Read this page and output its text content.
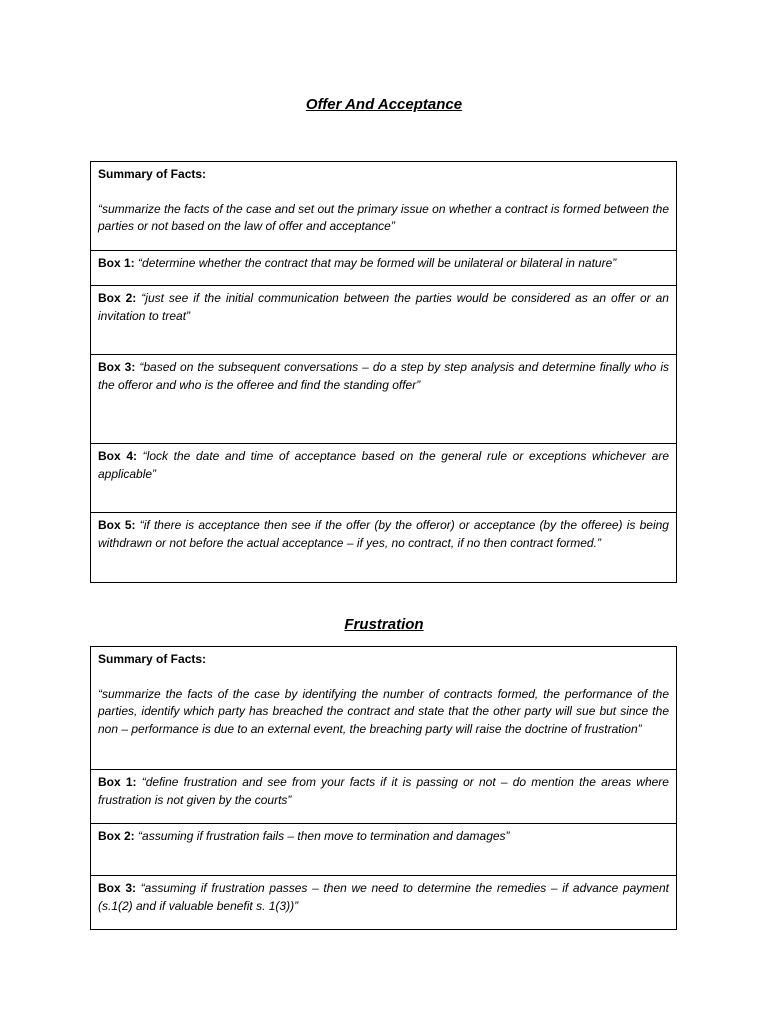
Offer And Acceptance
Summary of Facts:
“summarize the facts of the case and set out the primary issue on whether a contract is formed between the parties or not based on the law of offer and acceptance”
Box 1: “determine whether the contract that may be formed will be unilateral or bilateral in nature”
Box 2: “just see if the initial communication between the parties would be considered as an offer or an invitation to treat”
Box 3: “based on the subsequent conversations – do a step by step analysis and determine finally who is the offeror and who is the offeree and find the standing offer”
Box 4: “lock the date and time of acceptance based on the general rule or exceptions whichever are applicable”
Box 5: “if there is acceptance then see if the offer (by the offeror) or acceptance (by the offeree) is being withdrawn or not before the actual acceptance – if yes, no contract, if no then contract formed.”
Frustration
Summary of Facts:
“summarize the facts of the case by identifying the number of contracts formed, the performance of the parties, identify which party has breached the contract and state that the other party will sue but since the non – performance is due to an external event, the breaching party will raise the doctrine of frustration”
Box 1: “define frustration and see from your facts if it is passing or not – do mention the areas where frustration is not given by the courts”
Box 2: “assuming if frustration fails – then move to termination and damages”
Box 3: “assuming if frustration passes – then we need to determine the remedies – if advance payment (s.1(2) and if valuable benefit s. 1(3))”
